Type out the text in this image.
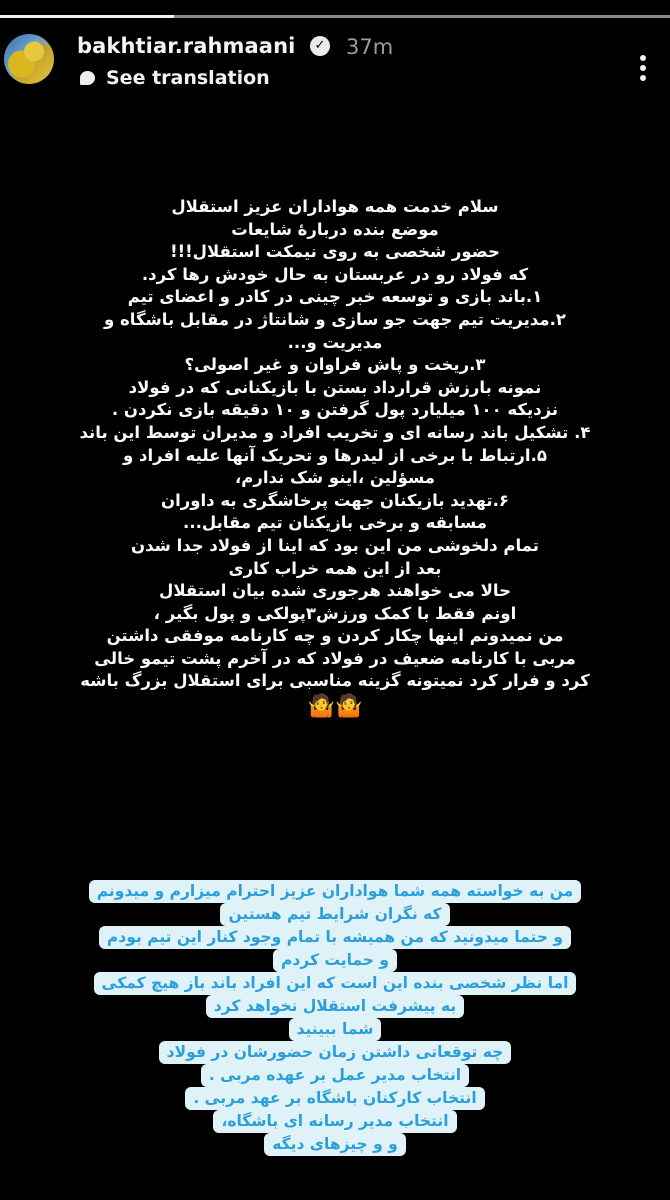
bakhtiar.rahmaani	✓ 37m
See translation
سلام خدمت همه هواداران عزیز استقلال
موضع بنده دربارهٔ شایعات
حضور شخصی به روی نیمکت استقلال!!!
که فولاد رو در عربستان به حال خودش رها کرد.
۱.باند بازی و توسعه خبر چینی در کادر و اعضای تیم
۲.مدیریت تیم جهت جو سازی و شانتاژ در مقابل باشگاه و
مدیریت و...
۳.ریخت و پاش فراوان و غیر اصولی؟
نمونه بارزش قرارداد بستن با بازیکنانی که در فولاد
نزدیکه ۱۰۰ میلیارد پول گرفتن و ۱۰ دقیقه بازی نکردن .
۴. تشکیل باند رسانه ای و تخریب افراد و مدیران توسط این باند
۵.ارتباط با برخی از لیدرها و تحریک آنها علیه افراد و
مسؤلین ،اینو شک ندارم،
۶.تهدید بازیکنان جهت پرخاشگری به داوران
مسابقه و برخی بازیکنان تیم مقابل...
تمام دلخوشی من این بود که اینا از فولاد جدا شدن
بعد از این همه خراب کاری
حالا می خواهند هرجوری شده بیان استقلال
اونم فقط با کمک ورزش۳پولکی و پول بگیر ،
من نمیدونم اینها چکار کردن و چه کارنامه موفقی داشتن
مربی با کارنامه ضعیف در فولاد که در آخرم پشت تیمو خالی
کرد و فرار کرد نمیتونه گزینه مناسبی برای استقلال بزرگ باشه
🤷🤷
من به خواسته همه شما هواداران عزیز احترام میزارم و میدونم
که نگران شرایط تیم هستین
و حتما میدونید که من همیشه با تمام وجود کنار این تیم بودم
و حمایت کردم
اما نظر شخصی بنده این است که این افراد باند باز هیچ کمکی
به پیشرفت استقلال نخواهد کرد
شما ببینید
چه توقعاتی داشتن زمان حضورشان در فولاد
انتخاب مدیر عمل بر عهده مربی .
انتخاب کارکنان باشگاه بر عهد مربی .
انتخاب مدیر رسانه ای باشگاه،
و و چیزهای دیگه
